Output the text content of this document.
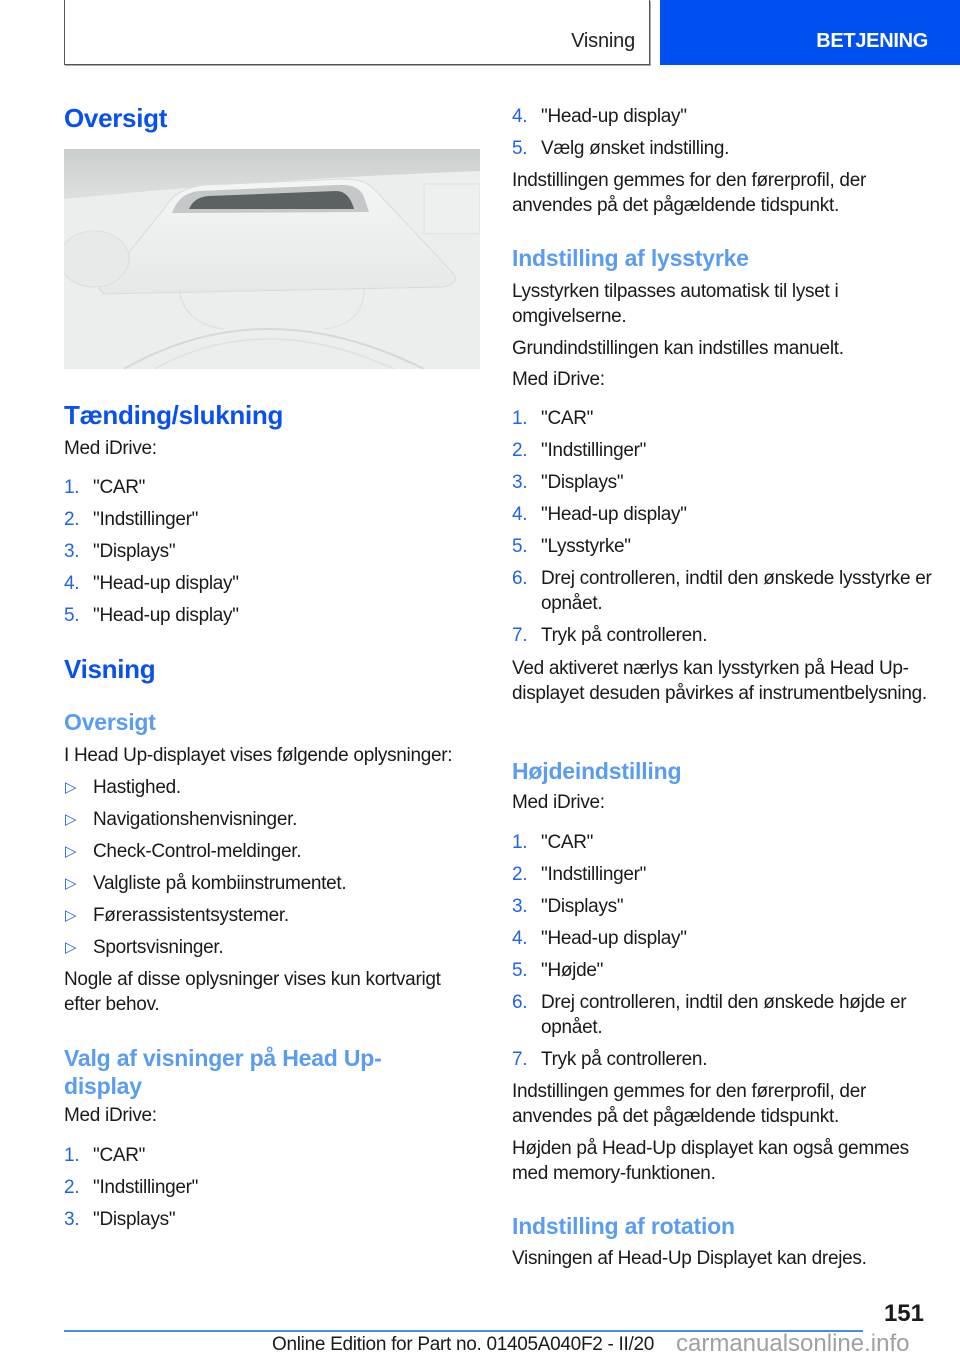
Visning	BETJENING
Oversigt
Tænding/slukning
Med iDrive:
1. "CAR"
2. "Indstillinger"
3. "Displays"
4. "Head-up display"
5. "Head-up display"
Visning
Oversigt
I Head Up-displayet vises følgende oplysninger:
▷ Hastighed.
▷ Navigationshenvisninger.
▷ Check-Control-meldinger.
▷ Valgliste på kombiinstrumentet.
▷ Førerassistentsystemer.
▷ Sportsvisninger.
Nogle af disse oplysninger vises kun kortvarigt efter behov.
Valg af visninger på Head Up-display
Med iDrive:
1. "CAR"
2. "Indstillinger"
3. "Displays"
4. "Head-up display"
5. Vælg ønsket indstilling.
Indstillingen gemmes for den førerprofil, der anvendes på det pågældende tidspunkt.
Indstilling af lysstyrke
Lysstyrken tilpasses automatisk til lyset i omgivelserne.
Grundindstillingen kan indstilles manuelt.
Med iDrive:
1. "CAR"
2. "Indstillinger"
3. "Displays"
4. "Head-up display"
5. "Lysstyrke"
6. Drej controlleren, indtil den ønskede lysstyrke er opnået.
7. Tryk på controlleren.
Ved aktiveret nærlys kan lysstyrken på Head Up-displayet desuden påvirkes af instrumentbelysning.
Højdeindstilling
Med iDrive:
1. "CAR"
2. "Indstillinger"
3. "Displays"
4. "Head-up display"
5. "Højde"
6. Drej controlleren, indtil den ønskede højde er opnået.
7. Tryk på controlleren.
Indstillingen gemmes for den førerprofil, der anvendes på det pågældende tidspunkt.
Højden på Head-Up displayet kan også gemmes med memory-funktionen.
Indstilling af rotation
Visningen af Head-Up Displayet kan drejes.
151
Online Edition for Part no. 01405A040F2 - II/20 carmanualsonline.info
